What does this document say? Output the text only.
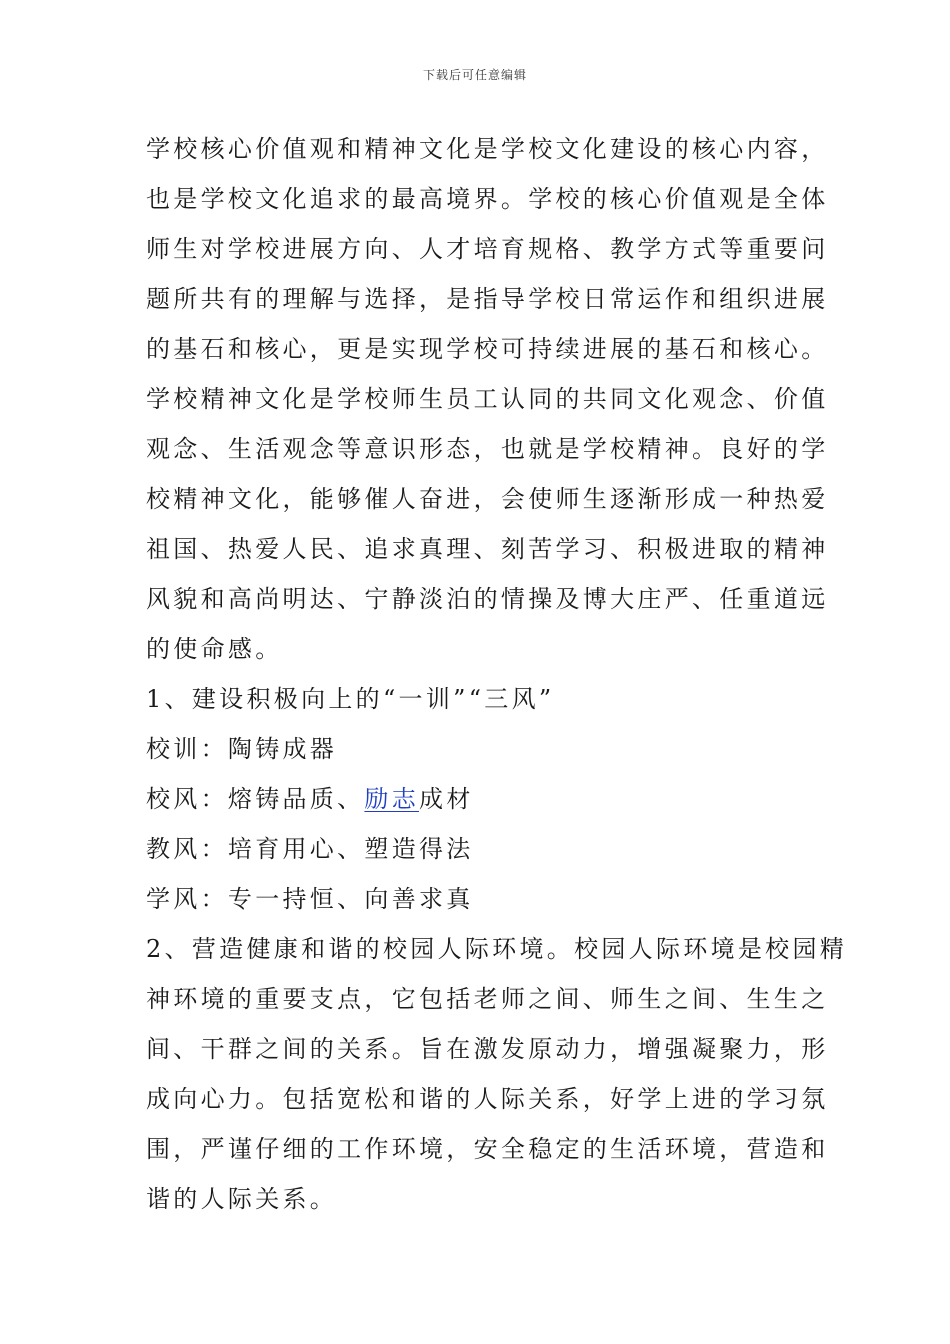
下载后可任意编辑
学校核心价值观和精神文化是学校文化建设的核心内容，
也是学校文化追求的最高境界。学校的核心价值观是全体
师生对学校进展方向、人才培育规格、教学方式等重要问
题所共有的理解与选择，是指导学校日常运作和组织进展
的基石和核心，更是实现学校可持续进展的基石和核心。
学校精神文化是学校师生员工认同的共同文化观念、价值
观念、生活观念等意识形态，也就是学校精神。良好的学
校精神文化，能够催人奋进，会使师生逐渐形成一种热爱
祖国、热爱人民、追求真理、刻苦学习、积极进取的精神
风貌和高尚明达、宁静淡泊的情操及博大庄严、任重道远
的使命感。
1、建设积极向上的“一训”“三风”
校训：陶铸成器
校风：熔铸品质、励志成材
教风：培育用心、塑造得法
学风：专一持恒、向善求真
2、营造健康和谐的校园人际环境。校园人际环境是校园精
神环境的重要支点，它包括老师之间、师生之间、生生之
间、干群之间的关系。旨在激发原动力，增强凝聚力，形
成向心力。包括宽松和谐的人际关系，好学上进的学习氛
围，严谨仔细的工作环境，安全稳定的生活环境，营造和
谐的人际关系。
